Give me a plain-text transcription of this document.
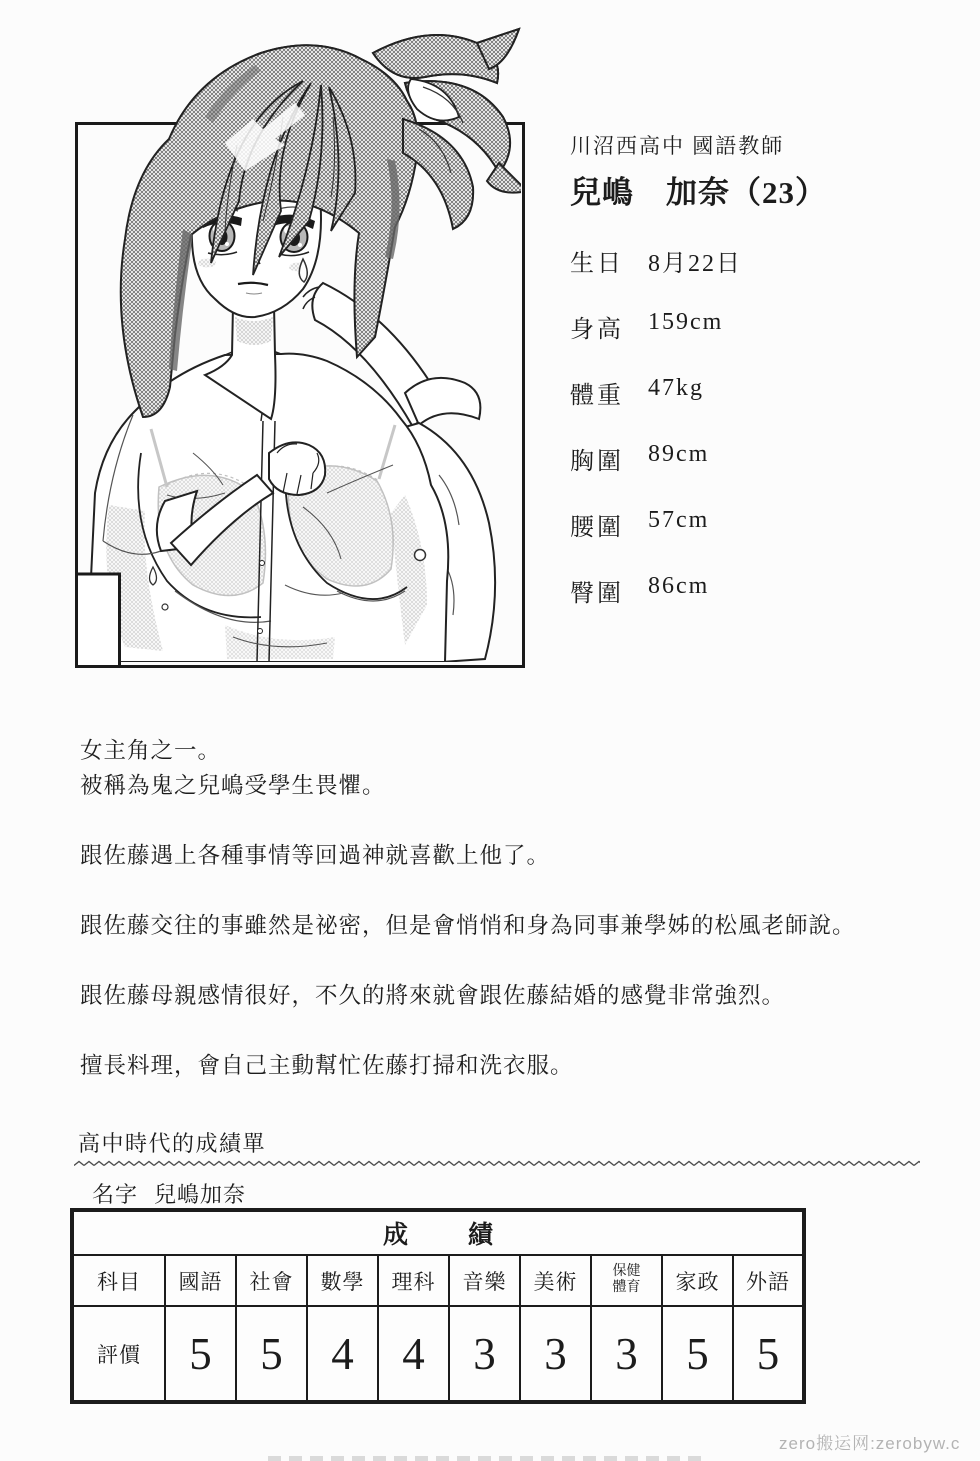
川沼西高中 國語教師
兒嶋　加奈（23）
生日	8月22日
身高	159cm
體重	47kg
胸圍	89cm
腰圍	57cm
臀圍	86cm
女主角之一。
被稱為鬼之兒嶋受學生畏懼。
跟佐藤遇上各種事情等回過神就喜歡上他了。
跟佐藤交往的事雖然是祕密，但是會悄悄和身為同事兼學姊的松風老師說。
跟佐藤母親感情很好，不久的將來就會跟佐藤結婚的感覺非常強烈。
擅長料理，會自己主動幫忙佐藤打掃和洗衣服。
高中時代的成績單
名字 兒嶋加奈
成績									
科目	國語	社會	數學	理科	音樂	美術	保健體育	家政	外語
評價	5	5	4	4	3	3	3	5	5
zero搬运网:zerobyw.c
